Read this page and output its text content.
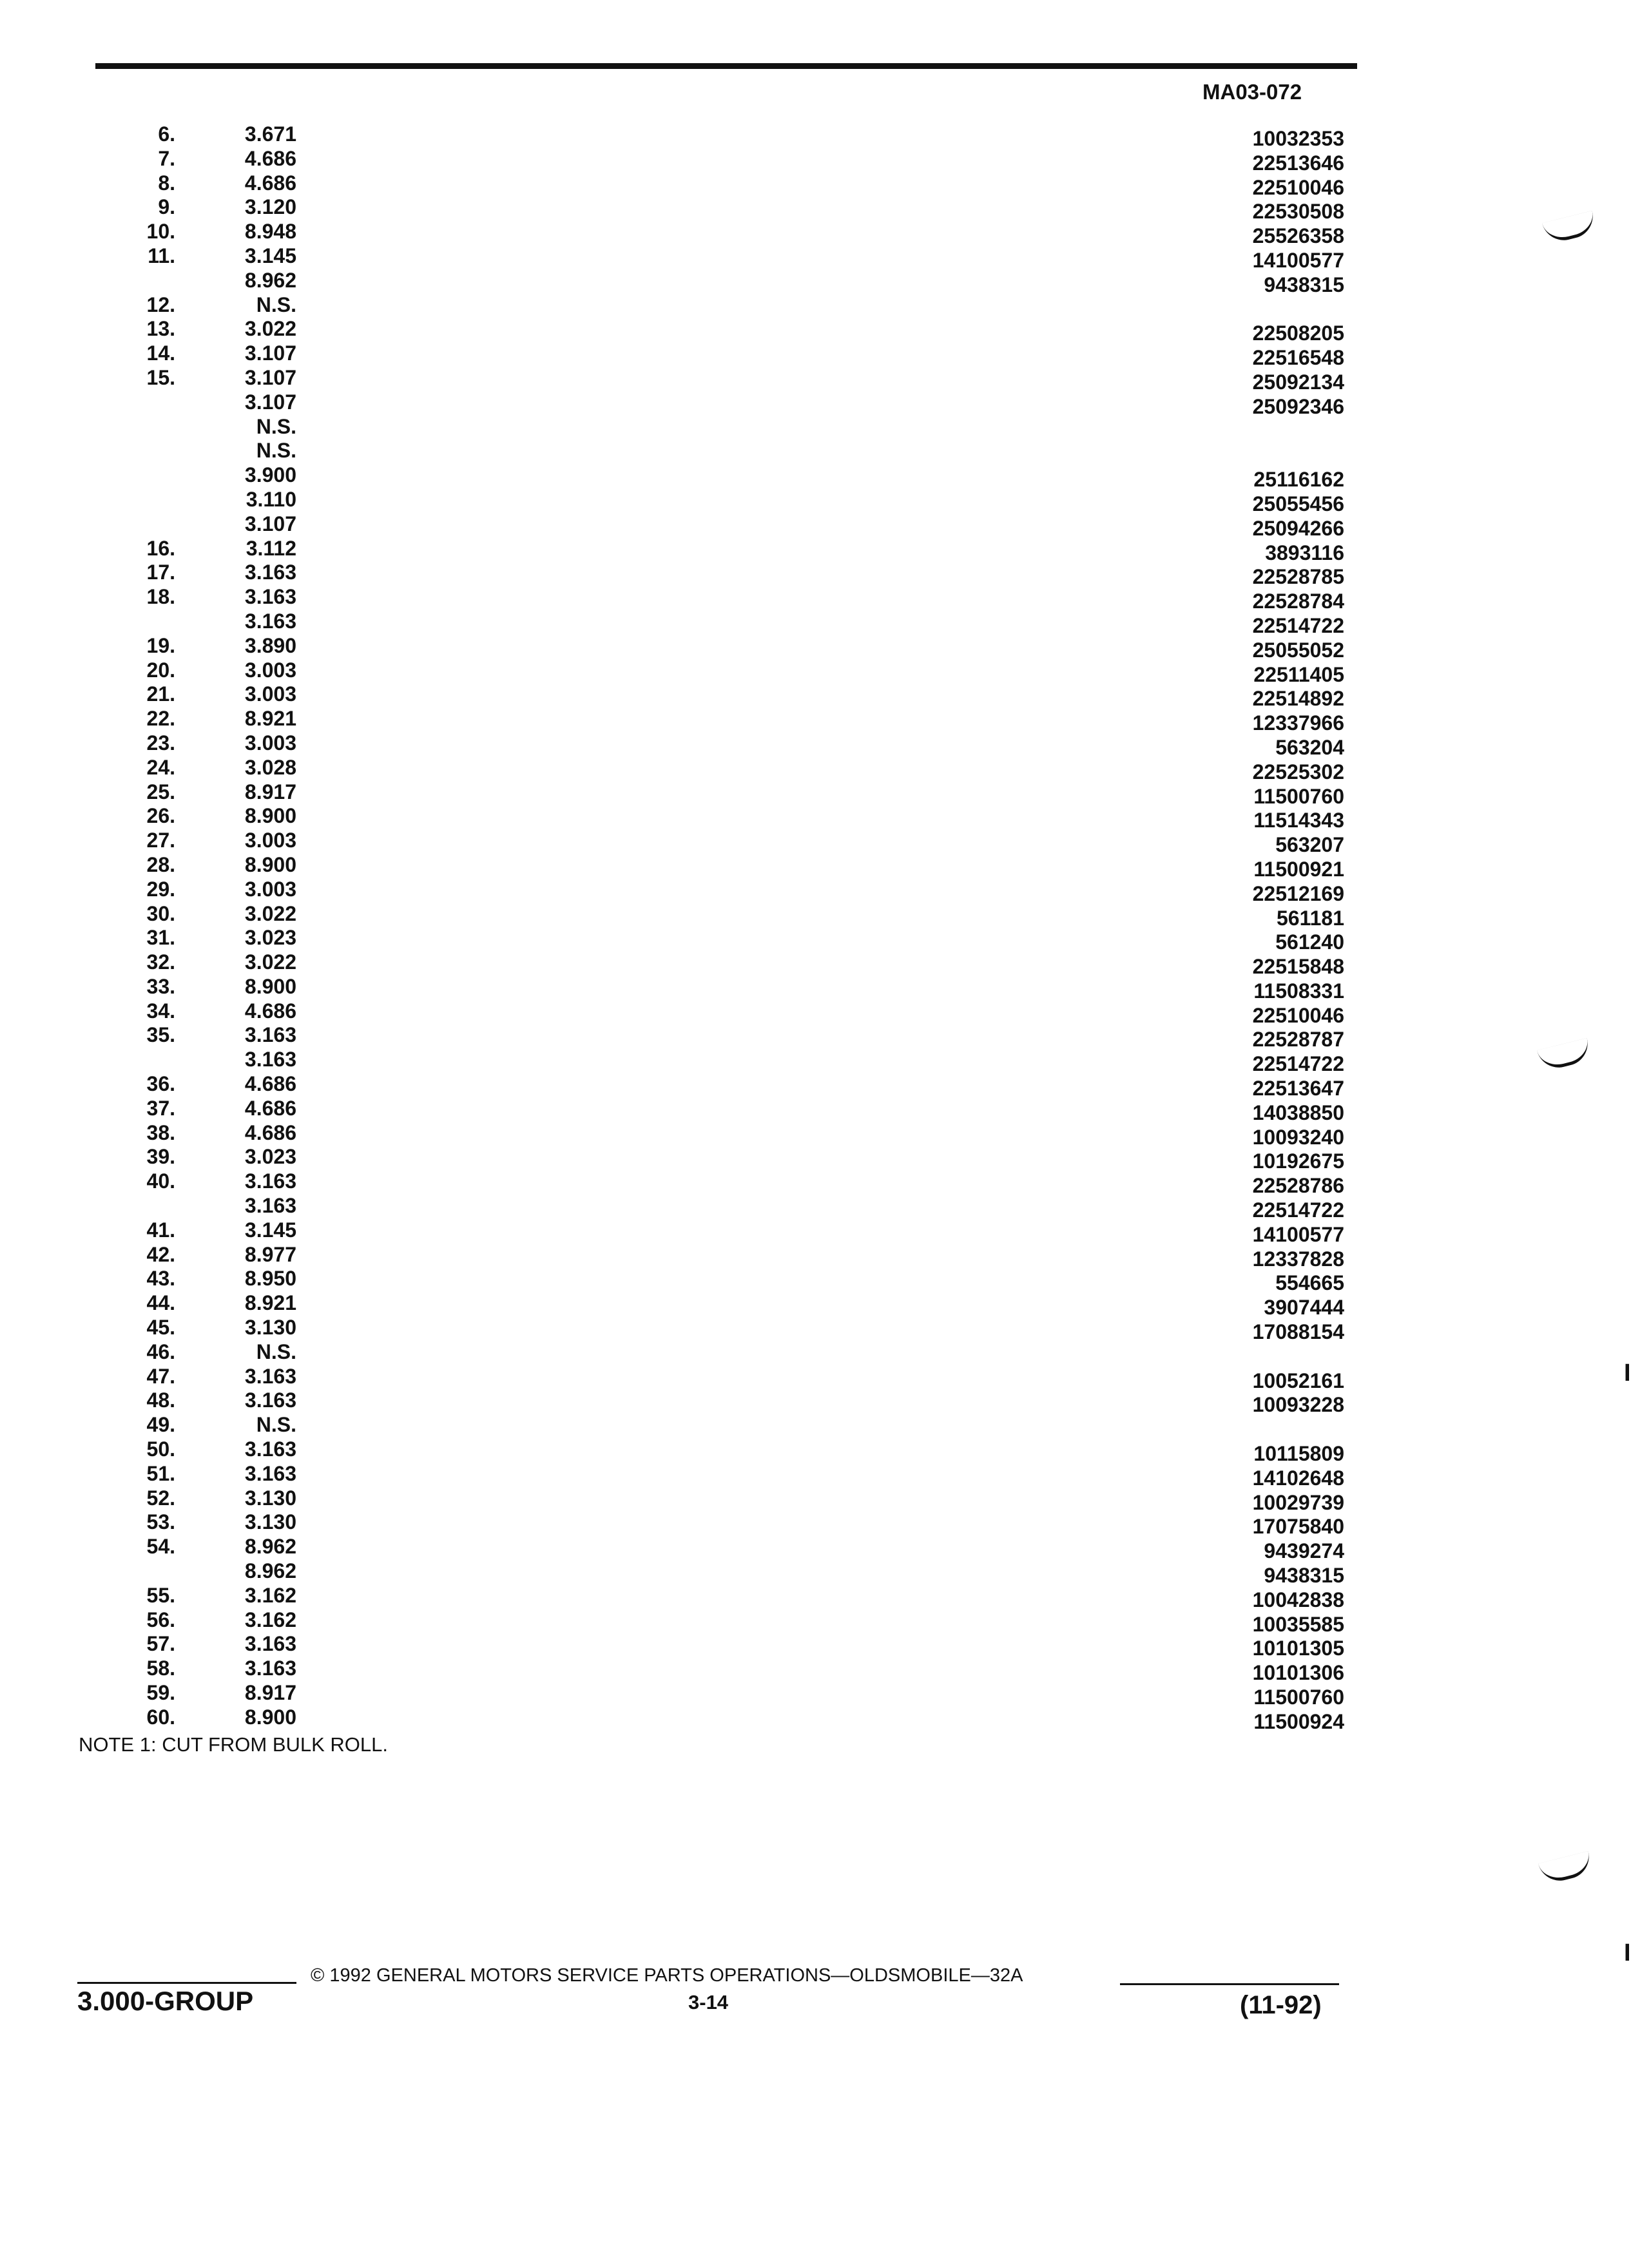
MA03-072
6.	3.671	10032353
7.	4.686	22513646
8.	4.686	22510046
9.	3.120	22530508
10.	8.948	25526358
11.	3.145	14100577
8.962	9438315
12.	N.S.
13.	3.022	22508205
14.	3.107	22516548
15.	3.107	25092134
3.107	25092346
N.S.
N.S.
3.900	25116162
3.110	25055456
3.107	25094266
16.	3.112	3893116
17.	3.163	22528785
18.	3.163	22528784
3.163	22514722
19.	3.890	25055052
20.	3.003	22511405
21.	3.003	22514892
22.	8.921	12337966
23.	3.003	563204
24.	3.028	22525302
25.	8.917	11500760
26.	8.900	11514343
27.	3.003	563207
28.	8.900	11500921
29.	3.003	22512169
30.	3.022	561181
31.	3.023	561240
32.	3.022	22515848
33.	8.900	11508331
34.	4.686	22510046
35.	3.163	22528787
3.163	22514722
36.	4.686	22513647
37.	4.686	14038850
38.	4.686	10093240
39.	3.023	10192675
40.	3.163	22528786
3.163	22514722
41.	3.145	14100577
42.	8.977	12337828
43.	8.950	554665
44.	8.921	3907444
45.	3.130	17088154
46.	N.S.
47.	3.163	10052161
48.	3.163	10093228
49.	N.S.
50.	3.163	10115809
51.	3.163	14102648
52.	3.130	10029739
53.	3.130	17075840
54.	8.962	9439274
8.962	9438315
55.	3.162	10042838
56.	3.162	10035585
57.	3.163	10101305
58.	3.163	10101306
59.	8.917	11500760
60.	8.900	11500924
NOTE 1: CUT FROM BULK ROLL.
3.000-GROUP
© 1992 GENERAL MOTORS SERVICE PARTS OPERATIONS—OLDSMOBILE—32A
3-14	(11-92)
I
I
